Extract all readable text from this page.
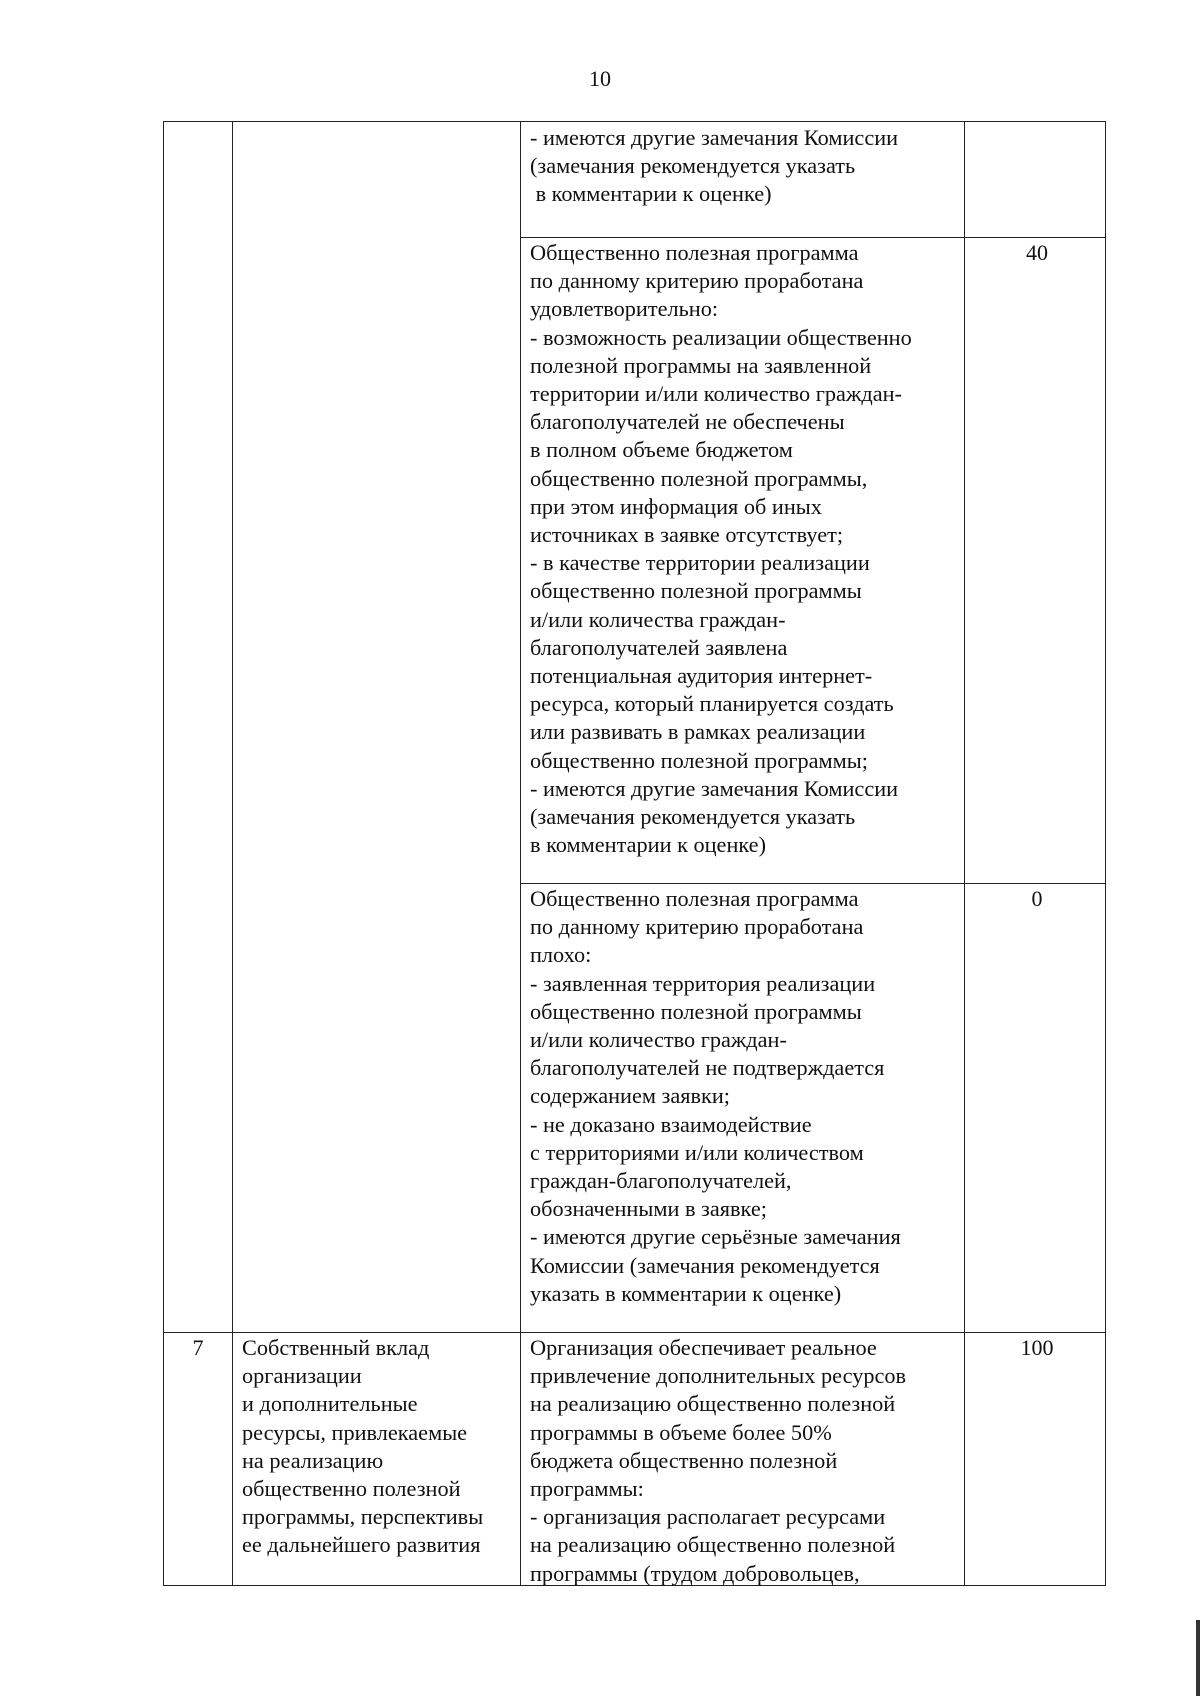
10
- имеются другие замечания Комиссии
(замечания рекомендуется указать
в комментарии к оценке)
Общественно полезная программа
по данному критерию проработана
удовлетворительно:
- возможность реализации общественно
полезной программы на заявленной
территории и/или количество граждан-
благополучателей не обеспечены
в полном объеме бюджетом
общественно полезной программы,
при этом информация об иных
источниках в заявке отсутствует;
- в качестве территории реализации
общественно полезной программы
и/или количества граждан-
благополучателей заявлена
потенциальная аудитория интернет-
ресурса, который планируется создать
или развивать в рамках реализации
общественно полезной программы;
- имеются другие замечания Комиссии
(замечания рекомендуется указать
в комментарии к оценке)
40
Общественно полезная программа
по данному критерию проработана
плохо:
- заявленная территория реализации
общественно полезной программы
и/или количество граждан-
благополучателей не подтверждается
содержанием заявки;
- не доказано взаимодействие
с территориями и/или количеством
граждан-благополучателей,
обозначенными в заявке;
- имеются другие серьёзные замечания
Комиссии (замечания рекомендуется
указать в комментарии к оценке)
0
7	Собственный вклад
организации
и дополнительные
ресурсы, привлекаемые
на реализацию
общественно полезной
программы, перспективы
ее дальнейшего развития
Организация обеспечивает реальное
привлечение дополнительных ресурсов
на реализацию общественно полезной
программы в объеме более 50%
бюджета общественно полезной
программы:
- организация располагает ресурсами
на реализацию общественно полезной
программы (трудом добровольцев,
100
